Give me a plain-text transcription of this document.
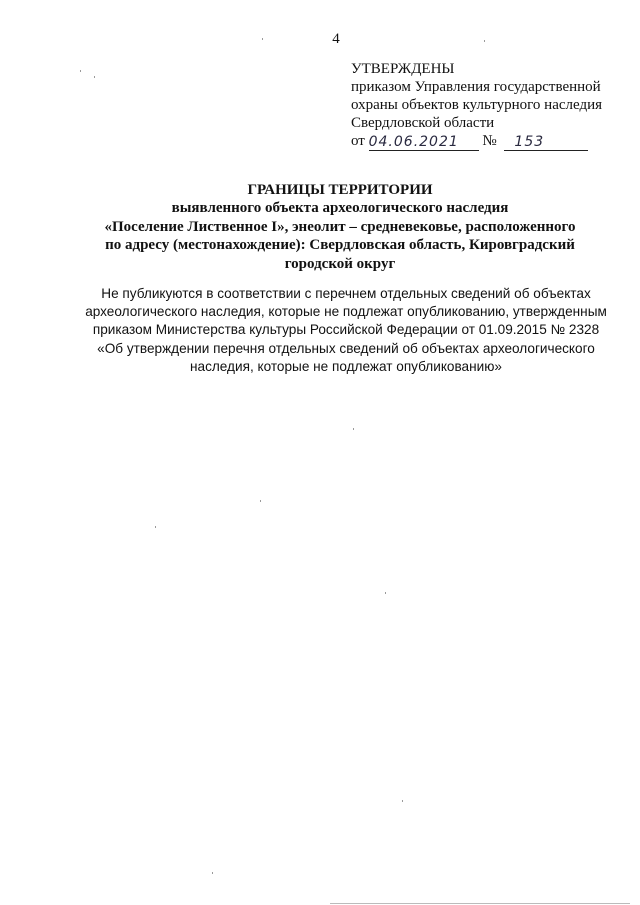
4
УТВЕРЖДЕНЫ
приказом Управления государственной
охраны объектов культурного наследия
Свердловской области
от 04.06.2021 № 153
ГРАНИЦЫ ТЕРРИТОРИИ
выявленного объекта археологического наследия
«Поселение Лиственное I», энеолит – средневековье, расположенного
по адресу (местонахождение): Свердловская область, Кировградский
городской округ
Не публикуются в соответствии с перечнем отдельных сведений об объектах
археологического наследия, которые не подлежат опубликованию, утвержденным
приказом Министерства культуры Российской Федерации от 01.09.2015 № 2328
«Об утверждении перечня отдельных сведений об объектах археологического
наследия, которые не подлежат опубликованию»
